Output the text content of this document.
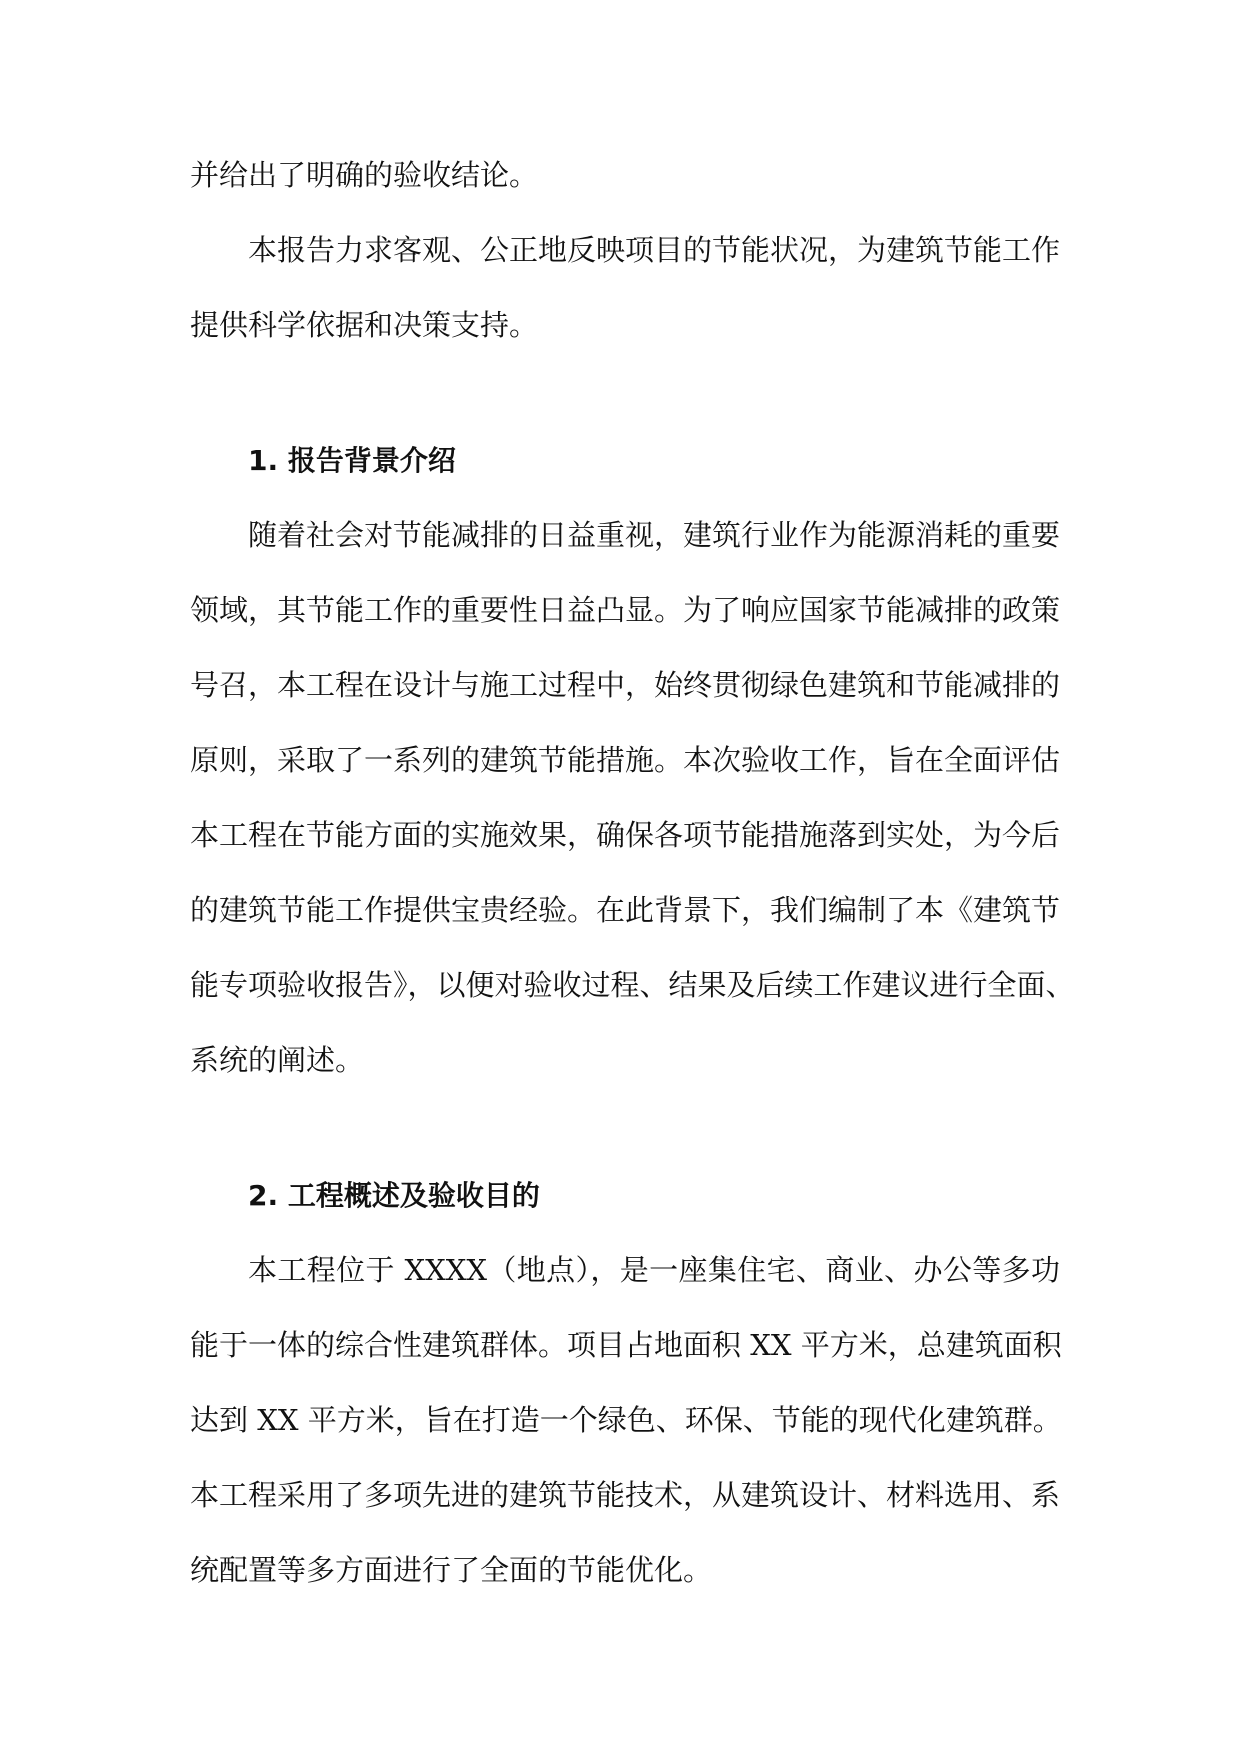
并给出了明确的验收结论。

本报告力求客观、公正地反映项目的节能状况，为建筑节能工作
提供科学依据和决策支持。

1. 报告背景介绍

随着社会对节能减排的日益重视，建筑行业作为能源消耗的重要
领域，其节能工作的重要性日益凸显。为了响应国家节能减排的政策
号召，本工程在设计与施工过程中，始终贯彻绿色建筑和节能减排的
原则，采取了一系列的建筑节能措施。本次验收工作，旨在全面评估
本工程在节能方面的实施效果，确保各项节能措施落到实处，为今后
的建筑节能工作提供宝贵经验。在此背景下，我们编制了本《建筑节
能专项验收报告》，以便对验收过程、结果及后续工作建议进行全面、
系统的阐述。

2. 工程概述及验收目的

本工程位于 XXXX（地点），是一座集住宅、商业、办公等多功
能于一体的综合性建筑群体。项目占地面积 XX 平方米，总建筑面积
达到 XX 平方米，旨在打造一个绿色、环保、节能的现代化建筑群。
本工程采用了多项先进的建筑节能技术，从建筑设计、材料选用、系
统配置等多方面进行了全面的节能优化。
